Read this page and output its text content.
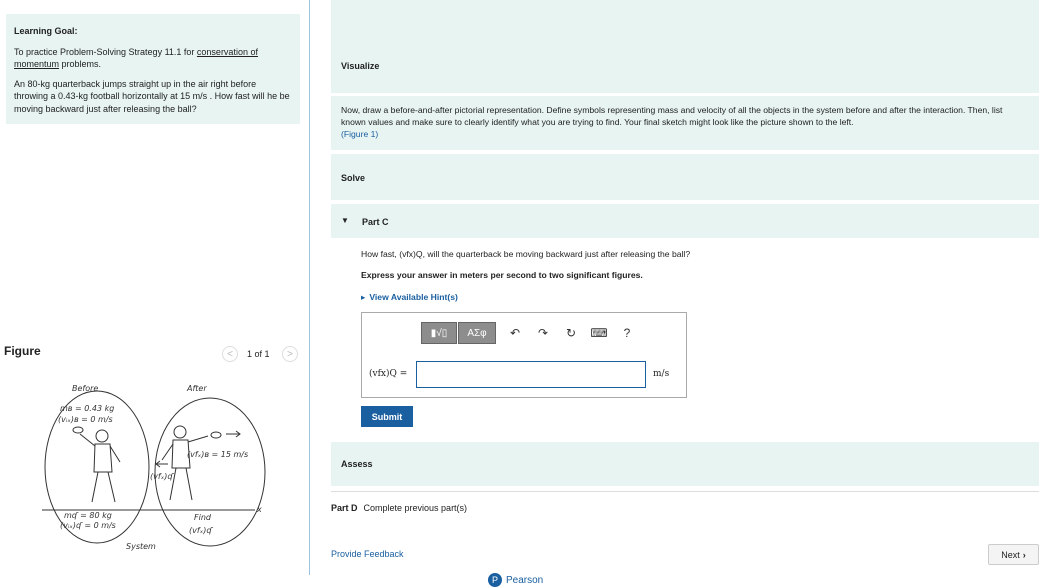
Learning Goal:

To practice Problem-Solving Strategy 11.1 for conservation of momentum problems.

An 80-kg quarterback jumps straight up in the air right before throwing a 0.43-kg football horizontally at 15 m/s . How fast will he be moving backward just after releasing the ball?

Figure	< 1 of 1 >
Before	After
mʙ = 0.43 kg
(vᵢₓ)ʙ = 0 m/s
(vfₓ)ʙ = 15 m/s
(vfₓ)ʠ
mʠ = 80 kg
(vᵢₓ)ʠ = 0 m/s
Find
(vfₓ)ʠ
System
x
Visualize
Now, draw a before-and-after pictorial representation. Define symbols representing mass and velocity of all the objects in the system before and after the interaction. Then, list known values and make sure to clearly identify what you are trying to find. Your final sketch might look like the picture shown to the left.
(Figure 1)
Solve
▼ Part C
How fast, (vfx)Q, will the quarterback be moving backward just after releasing the ball?
Express your answer in meters per second to two significant figures.
▸ View Available Hint(s)
▮√▯	ΑΣφ	↶	↷	↻	⌨	?
(vfx)Q =	m/s
Submit
Assess
Part D Complete previous part(s)
Provide Feedback	Next ›
P Pearson
